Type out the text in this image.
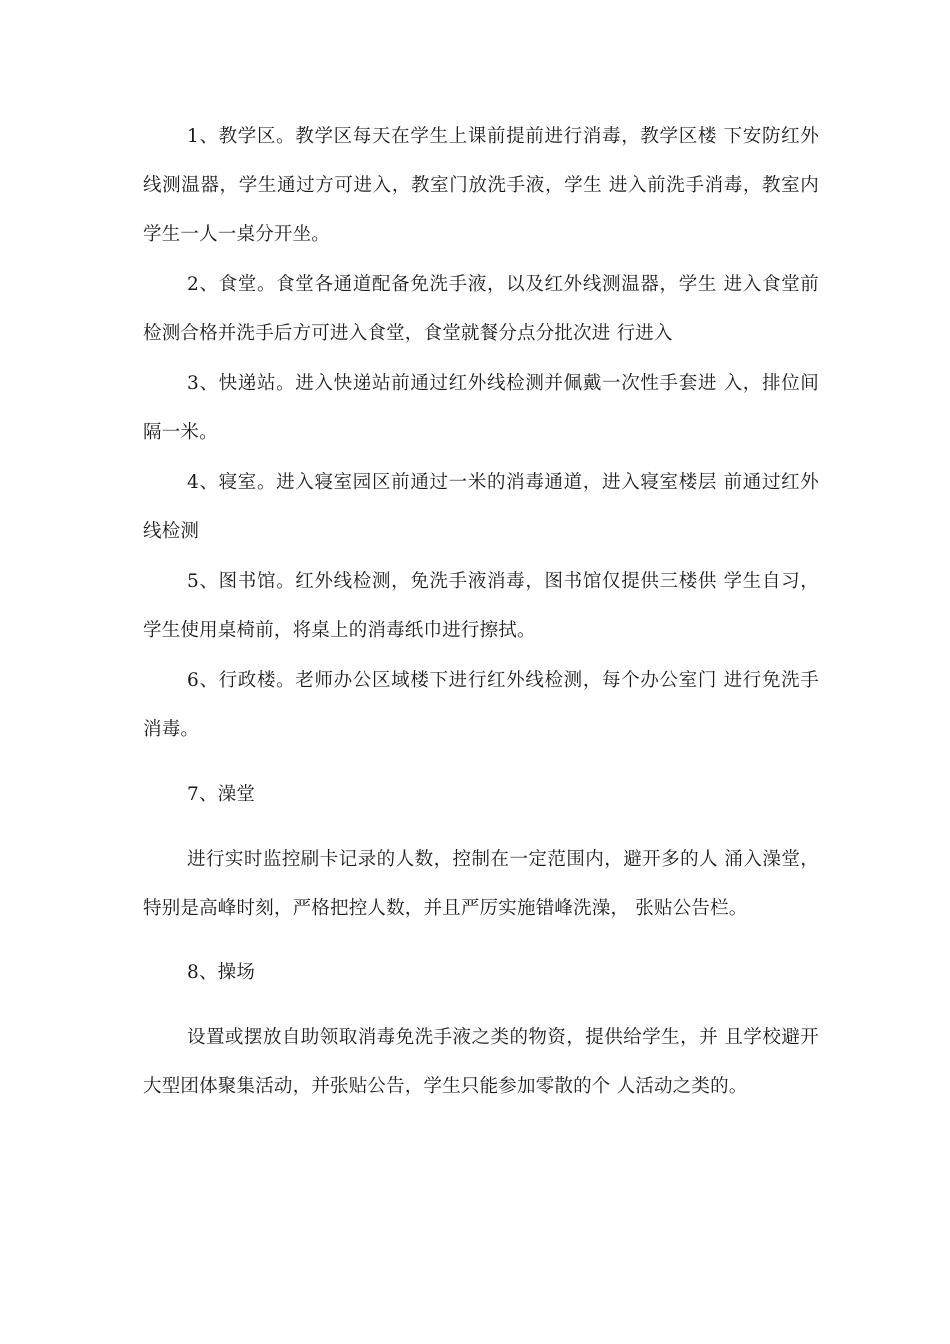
1、教学区。教学区每天在学生上课前提前进行消毒，教学区楼 下安防红外线测温器，学生通过方可进入，教室门放洗手液，学生 进入前洗手消毒，教室内学生一人一桌分开坐。

2、食堂。食堂各通道配备免洗手液，以及红外线测温器，学生 进入食堂前检测合格并洗手后方可进入食堂，食堂就餐分点分批次进 行进入

3、快递站。进入快递站前通过红外线检测并佩戴一次性手套进 入，排位间隔一米。

4、寝室。进入寝室园区前通过一米的消毒通道，进入寝室楼层 前通过红外线检测

5、图书馆。红外线检测，免洗手液消毒，图书馆仅提供三楼供 学生自习，学生使用桌椅前，将桌上的消毒纸巾进行擦拭。

6、行政楼。老师办公区域楼下进行红外线检测，每个办公室门 进行免洗手消毒。

7、澡堂

进行实时监控刷卡记录的人数，控制在一定范围内，避开多的人 涌入澡堂，特别是高峰时刻，严格把控人数，并且严厉实施错峰洗澡， 张贴公告栏。

8、操场

设置或摆放自助领取消毒免洗手液之类的物资，提供给学生，并 且学校避开大型团体聚集活动，并张贴公告，学生只能参加零散的个 人活动之类的。
